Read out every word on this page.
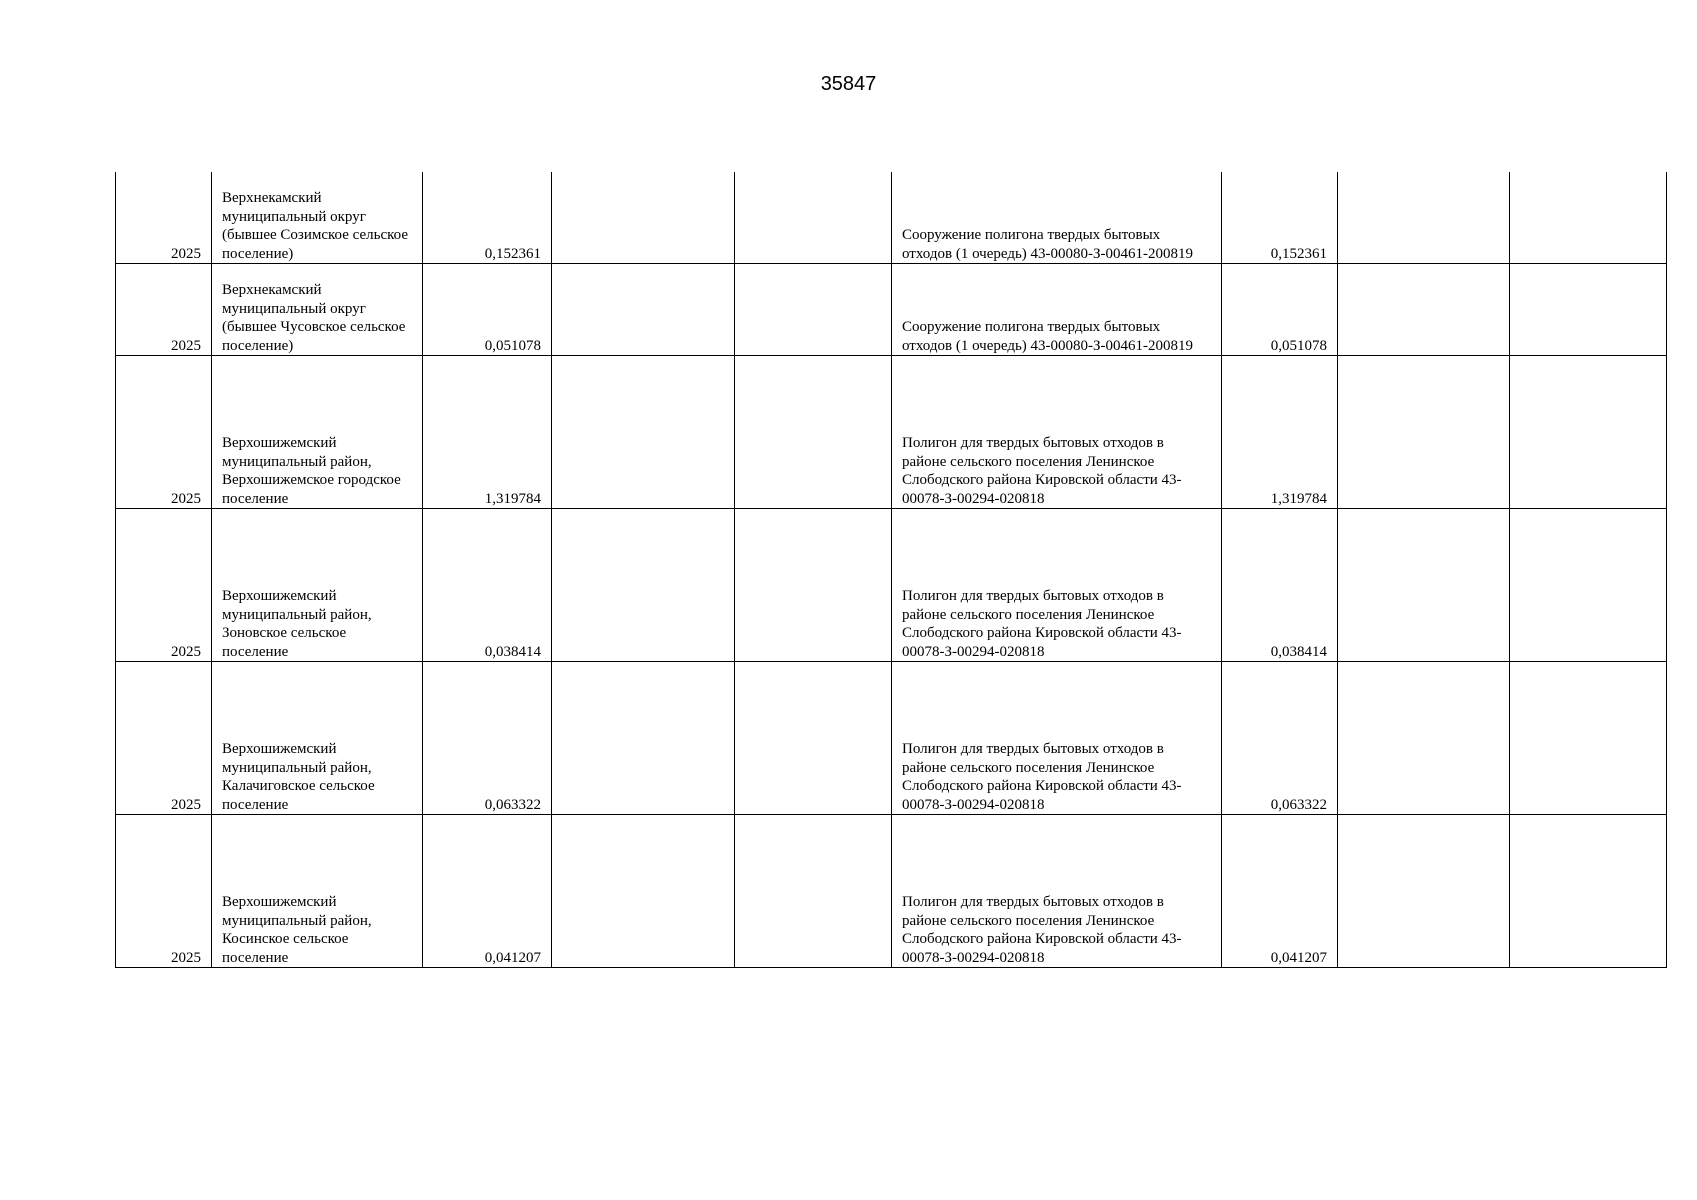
35847
2025	Верхнекамский муниципальный округ (бывшее Созимское сельское поселение)	0,152361			Сооружение полигона твердых бытовых отходов (1 очередь) 43-00080-З-00461-200819	0,152361		
2025	Верхнекамский муниципальный округ (бывшее Чусовское сельское поселение)	0,051078			Сооружение полигона твердых бытовых отходов (1 очередь) 43-00080-З-00461-200819	0,051078		
2025	Верхошижемский муниципальный район, Верхошижемское городское поселение	1,319784			Полигон для твердых бытовых отходов в районе сельского поселения Ленинское Слободского района Кировской области 43-00078-З-00294-020818	1,319784		
2025	Верхошижемский муниципальный район, Зоновское сельское поселение	0,038414			Полигон для твердых бытовых отходов в районе сельского поселения Ленинское Слободского района Кировской области 43-00078-З-00294-020818	0,038414		
2025	Верхошижемский муниципальный район, Калачиговское сельское поселение	0,063322			Полигон для твердых бытовых отходов в районе сельского поселения Ленинское Слободского района Кировской области 43-00078-З-00294-020818	0,063322		
2025	Верхошижемский муниципальный район, Косинское сельское поселение	0,041207			Полигон для твердых бытовых отходов в районе сельского поселения Ленинское Слободского района Кировской области 43-00078-З-00294-020818	0,041207		
